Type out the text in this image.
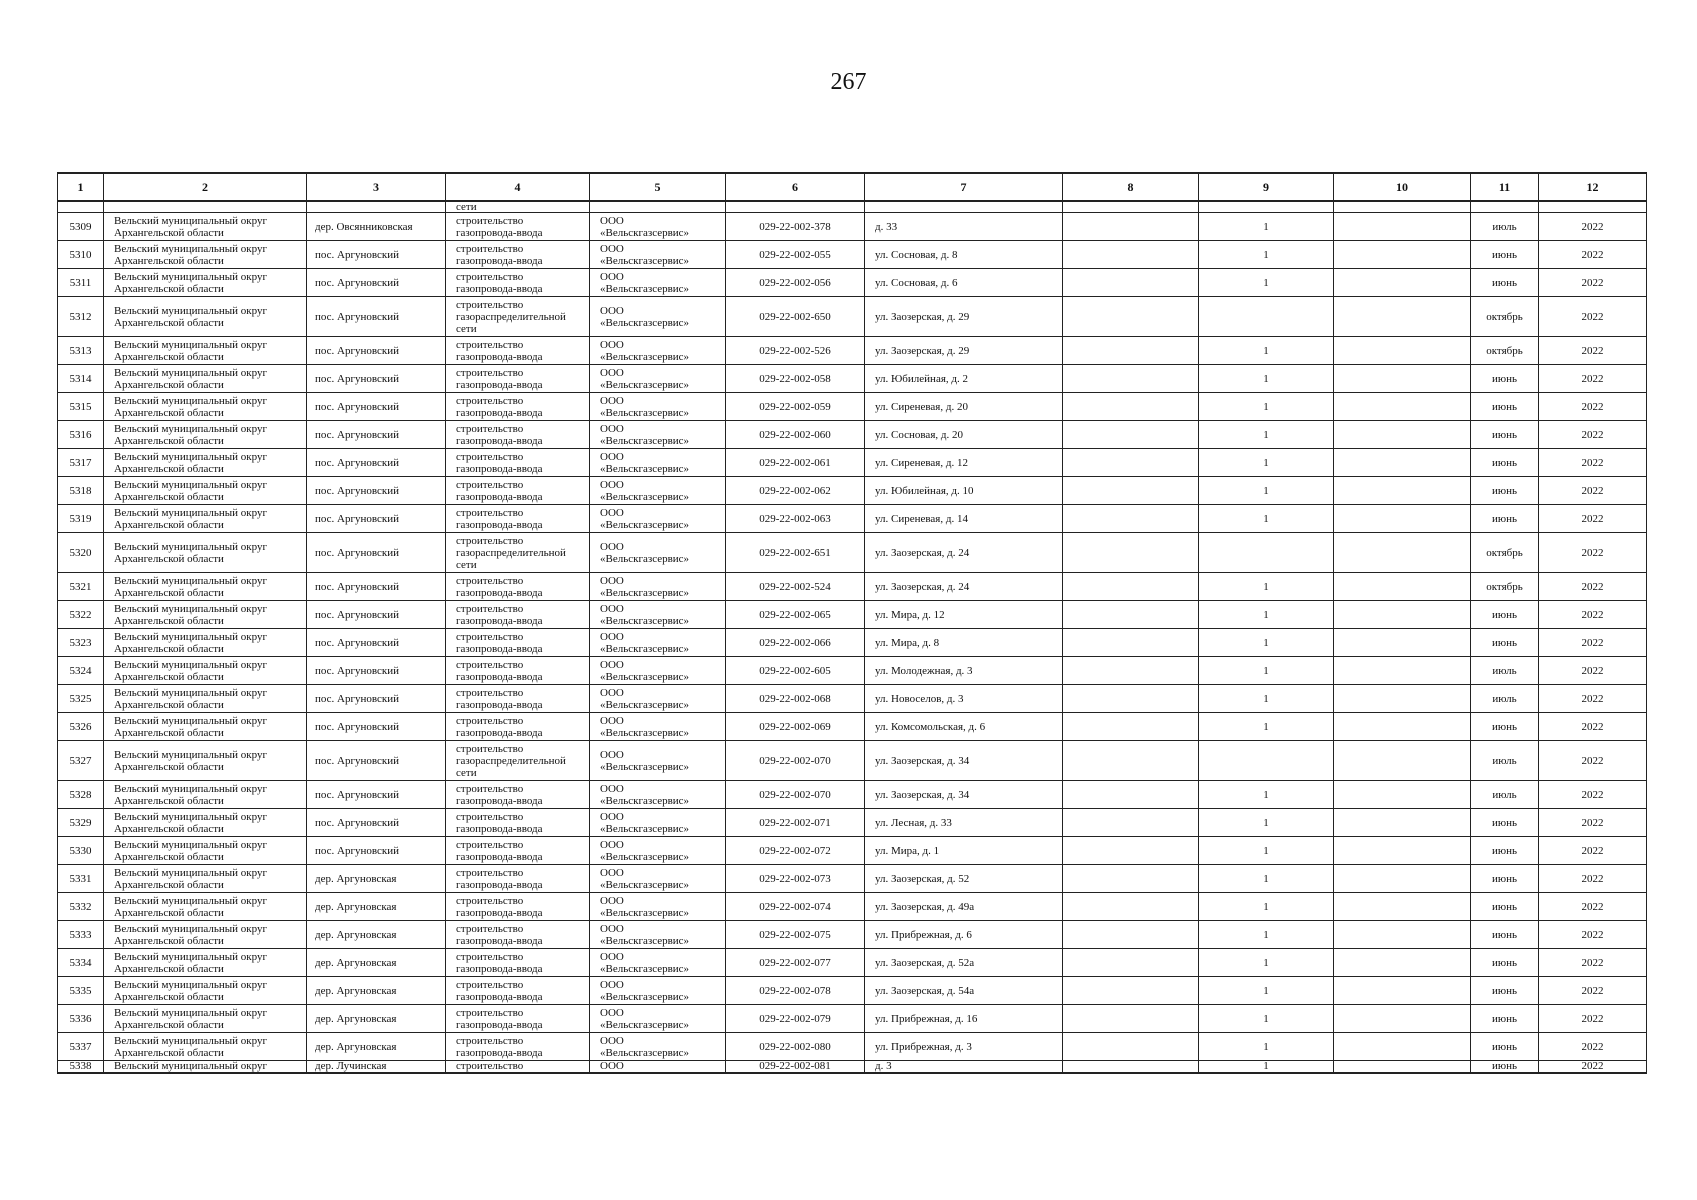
267
1	2	3	4	5	6	7	8	9	10	11	12
			сети								

5309	Вельский муниципальный округ
Архангельской области	дер. Овсянниковская	строительство
газопровода-ввода	ООО
«Вельскгазсервис»	029-22-002-378	д. 33		1		июль	2022

5310	Вельский муниципальный округ
Архангельской области	пос. Аргуновский	строительство
газопровода-ввода	ООО
«Вельскгазсервис»	029-22-002-055	ул. Сосновая, д. 8		1		июнь	2022

5311	Вельский муниципальный округ
Архангельской области	пос. Аргуновский	строительство
газопровода-ввода	ООО
«Вельскгазсервис»	029-22-002-056	ул. Сосновая, д. 6		1		июнь	2022

5312	Вельский муниципальный округ
Архангельской области	пос. Аргуновский	строительство
газораспределительной
сети	ООО
«Вельскгазсервис»	029-22-002-650	ул. Заозерская, д. 29				октябрь	2022

5313	Вельский муниципальный округ
Архангельской области	пос. Аргуновский	строительство
газопровода-ввода	ООО
«Вельскгазсервис»	029-22-002-526	ул. Заозерская, д. 29		1		октябрь	2022

5314	Вельский муниципальный округ
Архангельской области	пос. Аргуновский	строительство
газопровода-ввода	ООО
«Вельскгазсервис»	029-22-002-058	ул. Юбилейная, д. 2		1		июнь	2022

5315	Вельский муниципальный округ
Архангельской области	пос. Аргуновский	строительство
газопровода-ввода	ООО
«Вельскгазсервис»	029-22-002-059	ул. Сиреневая, д. 20		1		июнь	2022

5316	Вельский муниципальный округ
Архангельской области	пос. Аргуновский	строительство
газопровода-ввода	ООО
«Вельскгазсервис»	029-22-002-060	ул. Сосновая, д. 20		1		июнь	2022

5317	Вельский муниципальный округ
Архангельской области	пос. Аргуновский	строительство
газопровода-ввода	ООО
«Вельскгазсервис»	029-22-002-061	ул. Сиреневая, д. 12		1		июнь	2022

5318	Вельский муниципальный округ
Архангельской области	пос. Аргуновский	строительство
газопровода-ввода	ООО
«Вельскгазсервис»	029-22-002-062	ул. Юбилейная, д. 10		1		июнь	2022

5319	Вельский муниципальный округ
Архангельской области	пос. Аргуновский	строительство
газопровода-ввода	ООО
«Вельскгазсервис»	029-22-002-063	ул. Сиреневая, д. 14		1		июнь	2022

5320	Вельский муниципальный округ
Архангельской области	пос. Аргуновский	строительство
газораспределительной
сети	ООО
«Вельскгазсервис»	029-22-002-651	ул. Заозерская, д. 24				октябрь	2022

5321	Вельский муниципальный округ
Архангельской области	пос. Аргуновский	строительство
газопровода-ввода	ООО
«Вельскгазсервис»	029-22-002-524	ул. Заозерская, д. 24		1		октябрь	2022

5322	Вельский муниципальный округ
Архангельской области	пос. Аргуновский	строительство
газопровода-ввода	ООО
«Вельскгазсервис»	029-22-002-065	ул. Мира, д. 12		1		июнь	2022

5323	Вельский муниципальный округ
Архангельской области	пос. Аргуновский	строительство
газопровода-ввода	ООО
«Вельскгазсервис»	029-22-002-066	ул. Мира, д. 8		1		июнь	2022

5324	Вельский муниципальный округ
Архангельской области	пос. Аргуновский	строительство
газопровода-ввода	ООО
«Вельскгазсервис»	029-22-002-605	ул. Молодежная, д. 3		1		июль	2022

5325	Вельский муниципальный округ
Архангельской области	пос. Аргуновский	строительство
газопровода-ввода	ООО
«Вельскгазсервис»	029-22-002-068	ул. Новоселов, д. 3		1		июль	2022

5326	Вельский муниципальный округ
Архангельской области	пос. Аргуновский	строительство
газопровода-ввода	ООО
«Вельскгазсервис»	029-22-002-069	ул. Комсомольская, д. 6		1		июнь	2022

5327	Вельский муниципальный округ
Архангельской области	пос. Аргуновский	строительство
газораспределительной
сети	ООО
«Вельскгазсервис»	029-22-002-070	ул. Заозерская, д. 34				июль	2022

5328	Вельский муниципальный округ
Архангельской области	пос. Аргуновский	строительство
газопровода-ввода	ООО
«Вельскгазсервис»	029-22-002-070	ул. Заозерская, д. 34		1		июль	2022

5329	Вельский муниципальный округ
Архангельской области	пос. Аргуновский	строительство
газопровода-ввода	ООО
«Вельскгазсервис»	029-22-002-071	ул. Лесная, д. 33		1		июнь	2022

5330	Вельский муниципальный округ
Архангельской области	пос. Аргуновский	строительство
газопровода-ввода	ООО
«Вельскгазсервис»	029-22-002-072	ул. Мира, д. 1		1		июнь	2022

5331	Вельский муниципальный округ
Архангельской области	дер. Аргуновская	строительство
газопровода-ввода	ООО
«Вельскгазсервис»	029-22-002-073	ул. Заозерская, д. 52		1		июнь	2022

5332	Вельский муниципальный округ
Архангельской области	дер. Аргуновская	строительство
газопровода-ввода	ООО
«Вельскгазсервис»	029-22-002-074	ул. Заозерская, д. 49а		1		июнь	2022

5333	Вельский муниципальный округ
Архангельской области	дер. Аргуновская	строительство
газопровода-ввода	ООО
«Вельскгазсервис»	029-22-002-075	ул. Прибрежная, д. 6		1		июнь	2022

5334	Вельский муниципальный округ
Архангельской области	дер. Аргуновская	строительство
газопровода-ввода	ООО
«Вельскгазсервис»	029-22-002-077	ул. Заозерская, д. 52а		1		июнь	2022

5335	Вельский муниципальный округ
Архангельской области	дер. Аргуновская	строительство
газопровода-ввода	ООО
«Вельскгазсервис»	029-22-002-078	ул. Заозерская, д. 54а		1		июнь	2022

5336	Вельский муниципальный округ
Архангельской области	дер. Аргуновская	строительство
газопровода-ввода	ООО
«Вельскгазсервис»	029-22-002-079	ул. Прибрежная, д. 16		1		июнь	2022

5337	Вельский муниципальный округ
Архангельской области	дер. Аргуновская	строительство
газопровода-ввода	ООО
«Вельскгазсервис»	029-22-002-080	ул. Прибрежная, д. 3		1		июнь	2022

5338	Вельский муниципальный округ	дер. Лучинская	строительство	ООО	029-22-002-081	д. 3		1		июнь	2022
